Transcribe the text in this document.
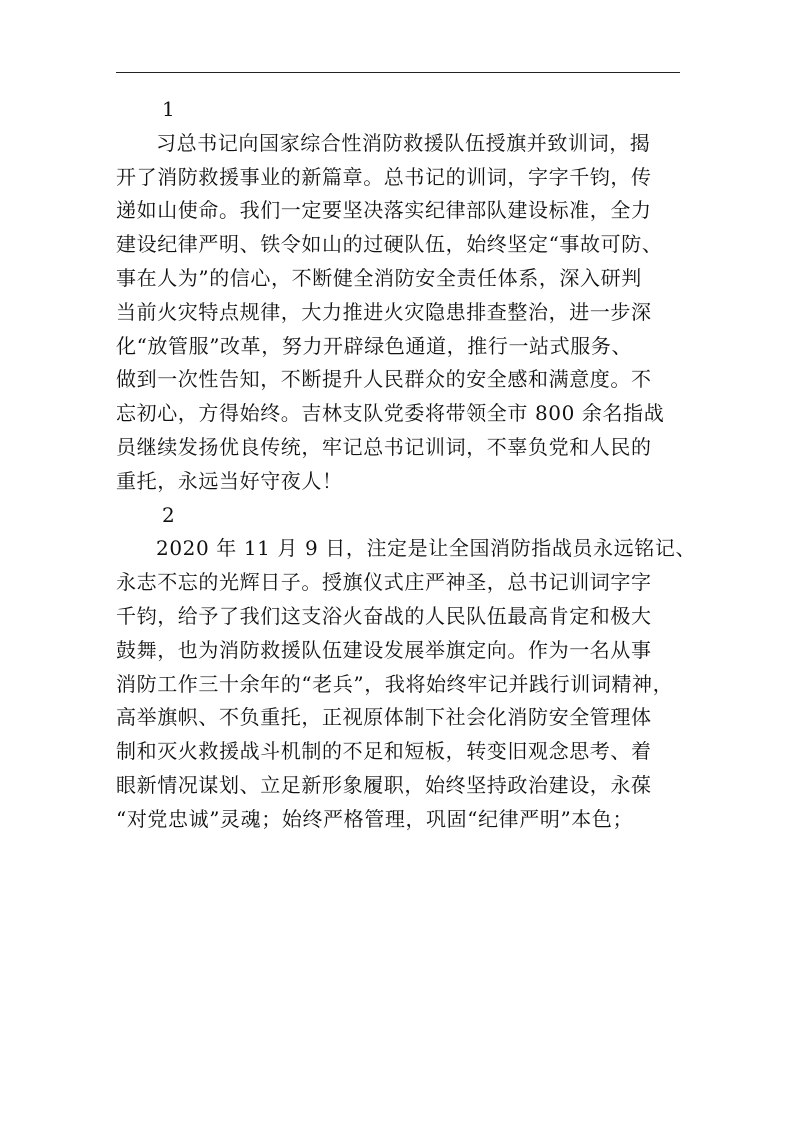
1
习总书记向国家综合性消防救援队伍授旗并致训词，揭
开了消防救援事业的新篇章。总书记的训词，字字千钧，传
递如山使命。我们一定要坚决落实纪律部队建设标准，全力
建设纪律严明、铁令如山的过硬队伍，始终坚定“事故可防、
事在人为”的信心，不断健全消防安全责任体系，深入研判
当前火灾特点规律，大力推进火灾隐患排查整治，进一步深
化“放管服”改革，努力开辟绿色通道，推行一站式服务、
做到一次性告知，不断提升人民群众的安全感和满意度。不
忘初心，方得始终。吉林支队党委将带领全市 800 余名指战
员继续发扬优良传统，牢记总书记训词，不辜负党和人民的
重托，永远当好守夜人！
2
2020 年 11 月 9 日，注定是让全国消防指战员永远铭记、
永志不忘的光辉日子。授旗仪式庄严神圣，总书记训词字字
千钧，给予了我们这支浴火奋战的人民队伍最高肯定和极大
鼓舞，也为消防救援队伍建设发展举旗定向。作为一名从事
消防工作三十余年的“老兵”，我将始终牢记并践行训词精神，
高举旗帜、不负重托，正视原体制下社会化消防安全管理体
制和灭火救援战斗机制的不足和短板，转变旧观念思考、着
眼新情况谋划、立足新形象履职，始终坚持政治建设，永葆
“对党忠诚”灵魂；始终严格管理，巩固“纪律严明”本色；
